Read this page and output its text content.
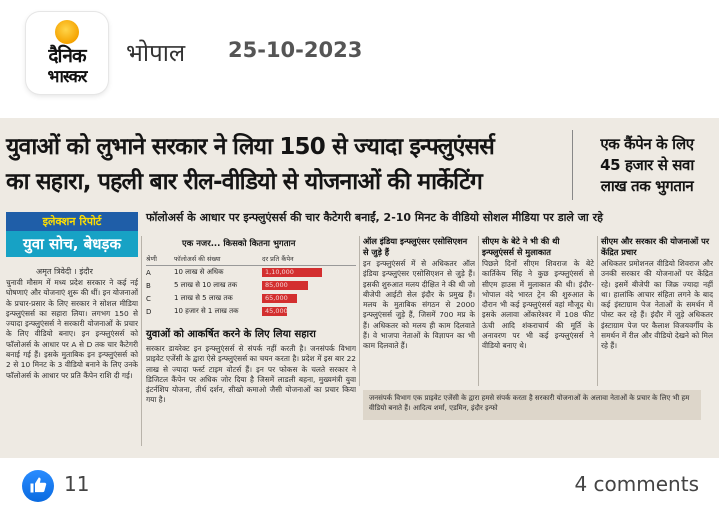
दैनिक
भास्कर
भोपाल 25-10-2023
युवाओं को लुभाने सरकार ने लिया 150 से ज्यादा इन्फ्लुएंसर्स
का सहारा, पहली बार रील-वीडियो से योजनाओं की मार्केटिंग
एक कैंपेन के लिए
45 हजार से सवा
लाख तक भुगतान
इलेक्शन रिपोर्ट
युवा सोच, बेधड़क
फॉलोअर्स के आधार पर इन्फ्लुएंसर्स की चार कैटेगरी बनाईं, 2-10 मिनट के वीडियो सोशल मीडिया पर डाले जा रहे
अमृत त्रिवेदी । इंदौर
चुनावी मौसम में मध्य प्रदेश सरकार ने कई नई घोषणाएं और योजनाएं शुरू की थीं। इन योजनाओं के प्रचार-प्रसार के लिए सरकार ने सोशल मीडिया इन्फ्लुएंसर्स का सहारा लिया। लगभग 150 से ज्यादा इन्फ्लुएंसर्स ने सरकारी योजनाओं के प्रचार के लिए वीडियो बनाए। इन इन्फ्लुएंसर्स को फॉलोअर्स के आधार पर A से D तक चार कैटेगरी बनाई गई हैं। इसके मुताबिक इन इन्फ्लुएंसर्स को 2 से 10 मिनट के 3 वीडियो बनाने के लिए उनके फॉलोअर्स के आधार पर प्रति कैंपेन राशि दी गई।
एक नजर... किसको कितना भुगतान
श्रेणी	फॉलोअर्स की संख्या	दर प्रति कैंपेन
A	10 लाख से अधिक	1,10,000
B	5 लाख से 10 लाख तक	85,000
C	1 लाख से 5 लाख तक	65,000
D	10 हजार से 1 लाख तक	45,000
युवाओं को आकर्षित करने के लिए लिया सहारा
सरकार डायरेक्ट इन इन्फ्लुएंसर्स से संपर्क नहीं करती है। जनसंपर्क विभाग प्राइवेट एजेंसी के द्वारा ऐसे इन्फ्लुएंसर्स का चयन करता है। प्रदेश में इस बार 22 लाख से ज्यादा फर्स्ट टाइम वोटर्स हैं। इन पर फोकस के चलते सरकार ने डिजिटल कैंपेन पर अधिक जोर दिया है जिसमें लाडली बहना, मुख्यमंत्री युवा इंटर्नशिप योजना, तीर्थ दर्शन, सीखो कमाओ जैसी योजनाओं का प्रचार किया गया है।
ऑल इंडिया इन्फ्लुएंसर एसोसिएशन से जुड़े हैं
इन इन्फ्लुएंसर्स में से अधिकतर ऑल इंडिया इन्फ्लुएंसर एसोसिएशन से जुड़े हैं। इसकी शुरुआत मलय दीक्षित ने की थी जो बीजेपी आईटी सेल इंदौर के प्रमुख हैं। मलय के मुताबिक संगठन से 2000 इन्फ्लुएंसर्स जुड़े हैं, जिसमें 700 मप्र के हैं। अधिकतर को मलय ही काम दिलवाते हैं। वे भाजपा नेताओं के विज्ञापन का भी काम दिलवाते हैं।
सीएम के बेटे ने भी की थी इन्फ्लुएंसर्स से मुलाकात
पिछले दिनों सीएम शिवराज के बेटे कार्तिकेय सिंह ने कुछ इन्फ्लुएंसर्स से सीएम हाउस में मुलाकात की थी। इंदौर-भोपाल वंदे भारत ट्रेन की शुरुआत के दौरान भी कई इन्फ्लुएंसर्स वहां मौजूद थे। इसके अलावा ओंकारेश्वर में 108 फीट ऊंची आदि शंकराचार्य की मूर्ति के अनावरण पर भी कई इन्फ्लुएंसर्स ने वीडियो बनाए थे।
सीएम और सरकार की योजनाओं पर केंद्रित प्रचार
अधिकतर प्रमोशनल वीडियो शिवराज और उनकी सरकार की योजनाओं पर केंद्रित रहे। इसमें बीजेपी का जिक्र ज्यादा नहीं था। हालांकि आचार संहिता लगने के बाद कई इंस्टाग्राम पेज नेताओं के समर्थन में पोस्ट कर रहे हैं। इंदौर में जुड़े अधिकतर इंस्टाग्राम पेज पर कैलाश विजयवर्गीय के समर्थन में रील और वीडियो देखने को मिल रहे हैं।
जनसंपर्क विभाग एक प्राइवेट एजेंसी के द्वारा हमसे संपर्क करता है सरकारी योजनाओं के अलावा नेताओं के प्रचार के लिए भी हम वीडियो बनाते हैं। आदित्य शर्मा, एडमिन, इंदौर इन्फो
11	4 comments
